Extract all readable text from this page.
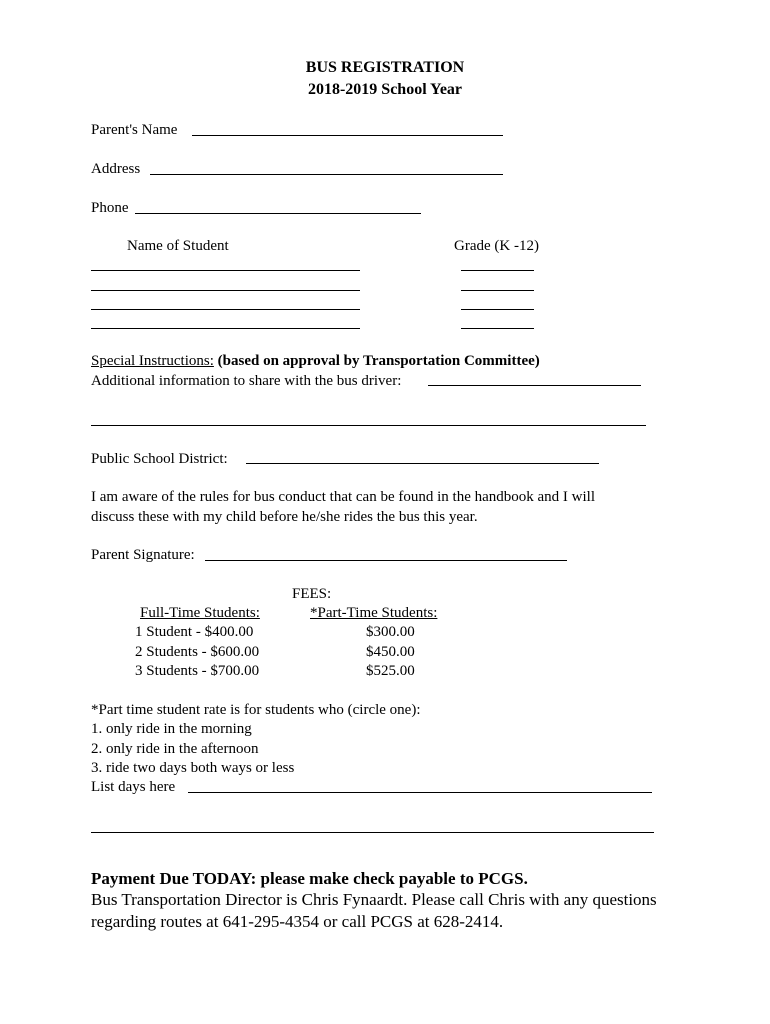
BUS REGISTRATION
2018-2019 School Year
Parent's Name
Address
Phone
Name of Student	Grade (K -12)
Special Instructions: (based on approval by Transportation Committee)
Additional information to share with the bus driver:
Public School District:
I am aware of the rules for bus conduct that can be found in the handbook and I will
discuss these with my child before he/she rides the bus this year.
Parent Signature:
FEES:
Full-Time Students:	*Part-Time Students:
1 Student - $400.00	$300.00
2 Students - $600.00	$450.00
3 Students - $700.00	$525.00
*Part time student rate is for students who (circle one):
1. only ride in the morning
2. only ride in the afternoon
3. ride two days both ways or less
List days here
Payment Due TODAY: please make check payable to PCGS.
Bus Transportation Director is Chris Fynaardt. Please call Chris with any questions
regarding routes at 641-295-4354 or call PCGS at 628-2414.
